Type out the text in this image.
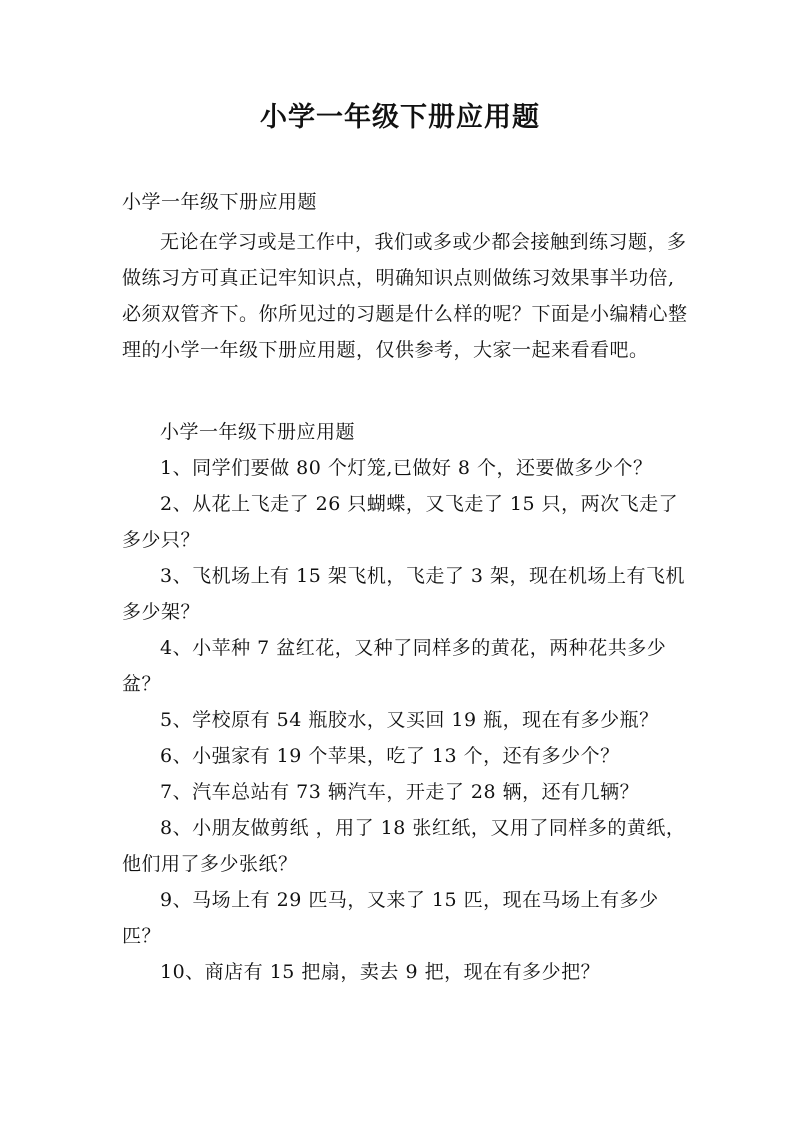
小学一年级下册应用题
小学一年级下册应用题

无论在学习或是工作中，我们或多或少都会接触到练习题，多做练习方可真正记牢知识点，明确知识点则做练习效果事半功倍,必须双管齐下。你所见过的习题是什么样的呢？下面是小编精心整理的小学一年级下册应用题，仅供参考，大家一起来看看吧。

小学一年级下册应用题

1、同学们要做 80 个灯笼,已做好 8 个，还要做多少个？

2、从花上飞走了 26 只蝴蝶，又飞走了 15 只，两次飞走了多少只？

3、飞机场上有 15 架飞机，飞走了 3 架，现在机场上有飞机多少架？

4、小苹种 7 盆红花，又种了同样多的黄花，两种花共多少盆？

5、学校原有 54 瓶胶水，又买回 19 瓶，现在有多少瓶？

6、小强家有 19 个苹果，吃了 13 个，还有多少个？

7、汽车总站有 73 辆汽车，开走了 28 辆，还有几辆？

8、小朋友做剪纸 ，用了 18 张红纸，又用了同样多的黄纸，他们用了多少张纸？

9、马场上有 29 匹马，又来了 15 匹，现在马场上有多少匹？

10、商店有 15 把扇，卖去 9 把，现在有多少把？
